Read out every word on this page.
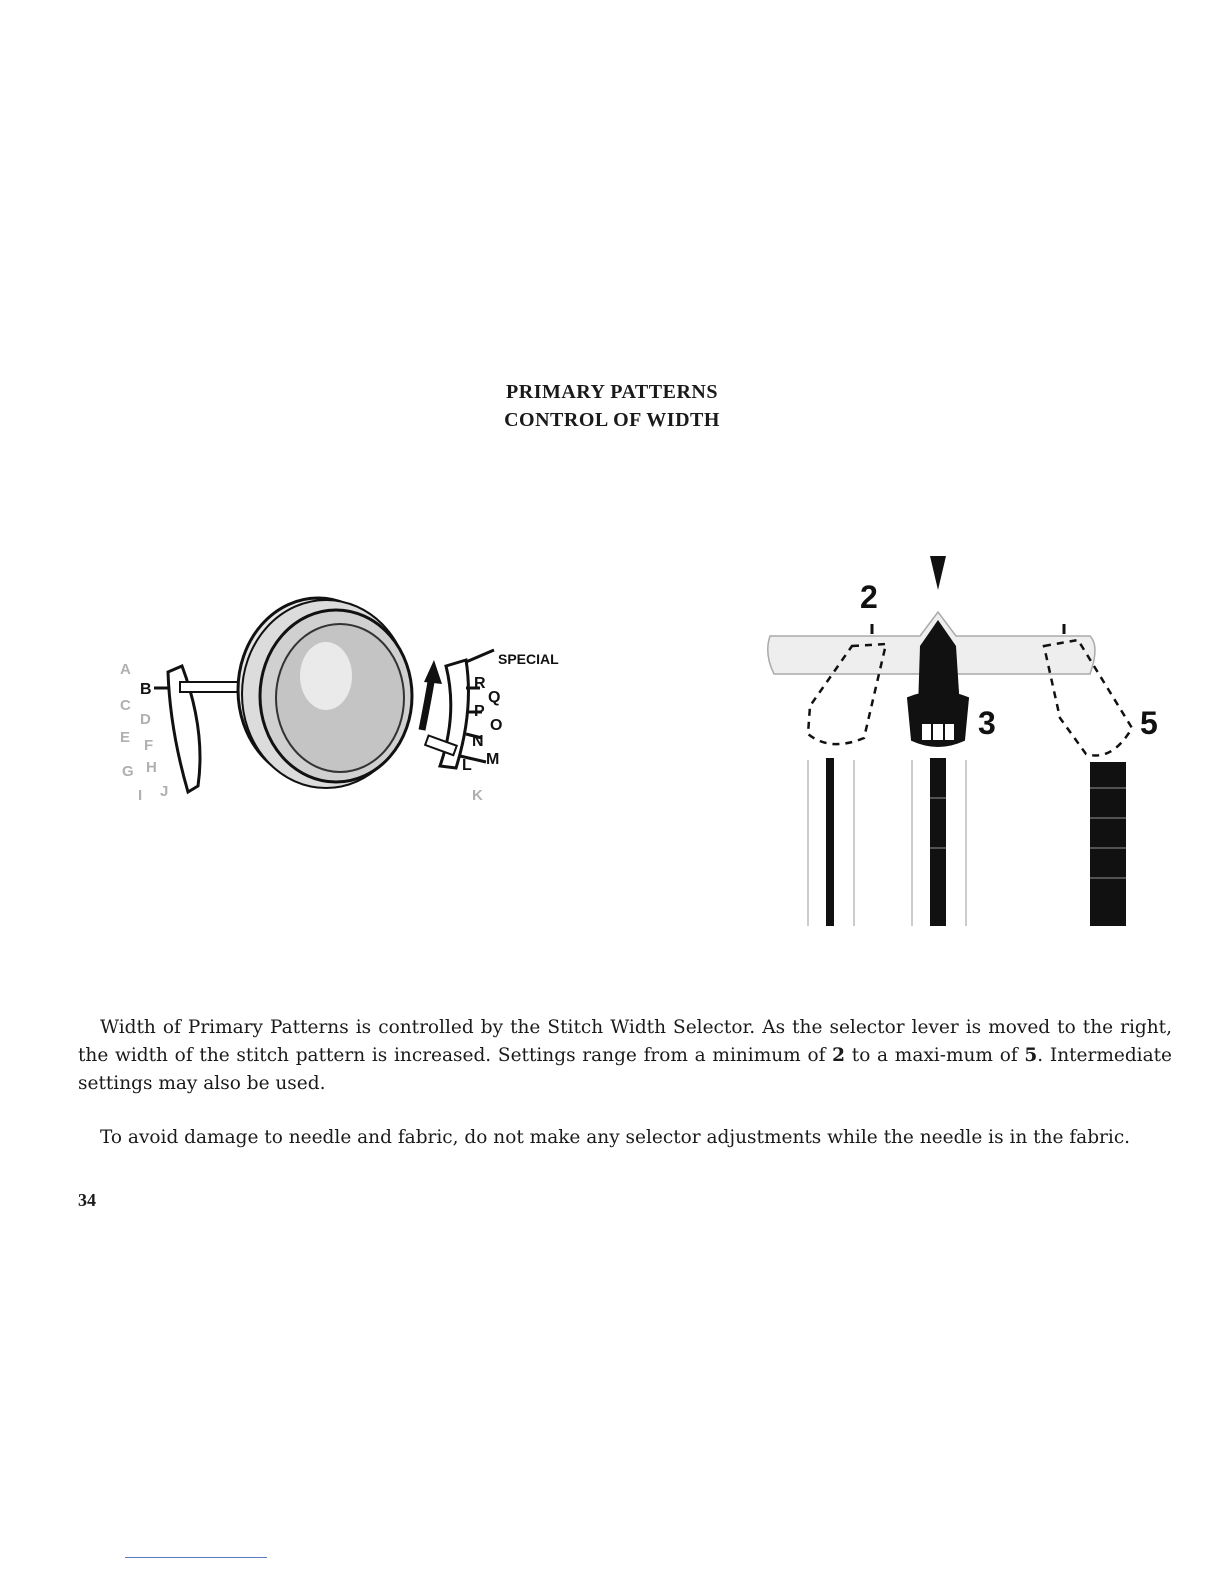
PRIMARY PATTERNS
CONTROL OF WIDTH
A
C
D
E F
G H
I J	K
B
SPECIAL
R
Q
P
O
N
M
L
2
3	5

Width of Primary Patterns is controlled by the Stitch Width Selector. As the selector lever is moved to the right, the width of the stitch pattern is increased. Settings range from a minimum of 2 to a maxi-mum of 5. Intermediate settings may also be used.

To avoid damage to needle and fabric, do not make any selector adjustments while the needle is in the fabric.

34
